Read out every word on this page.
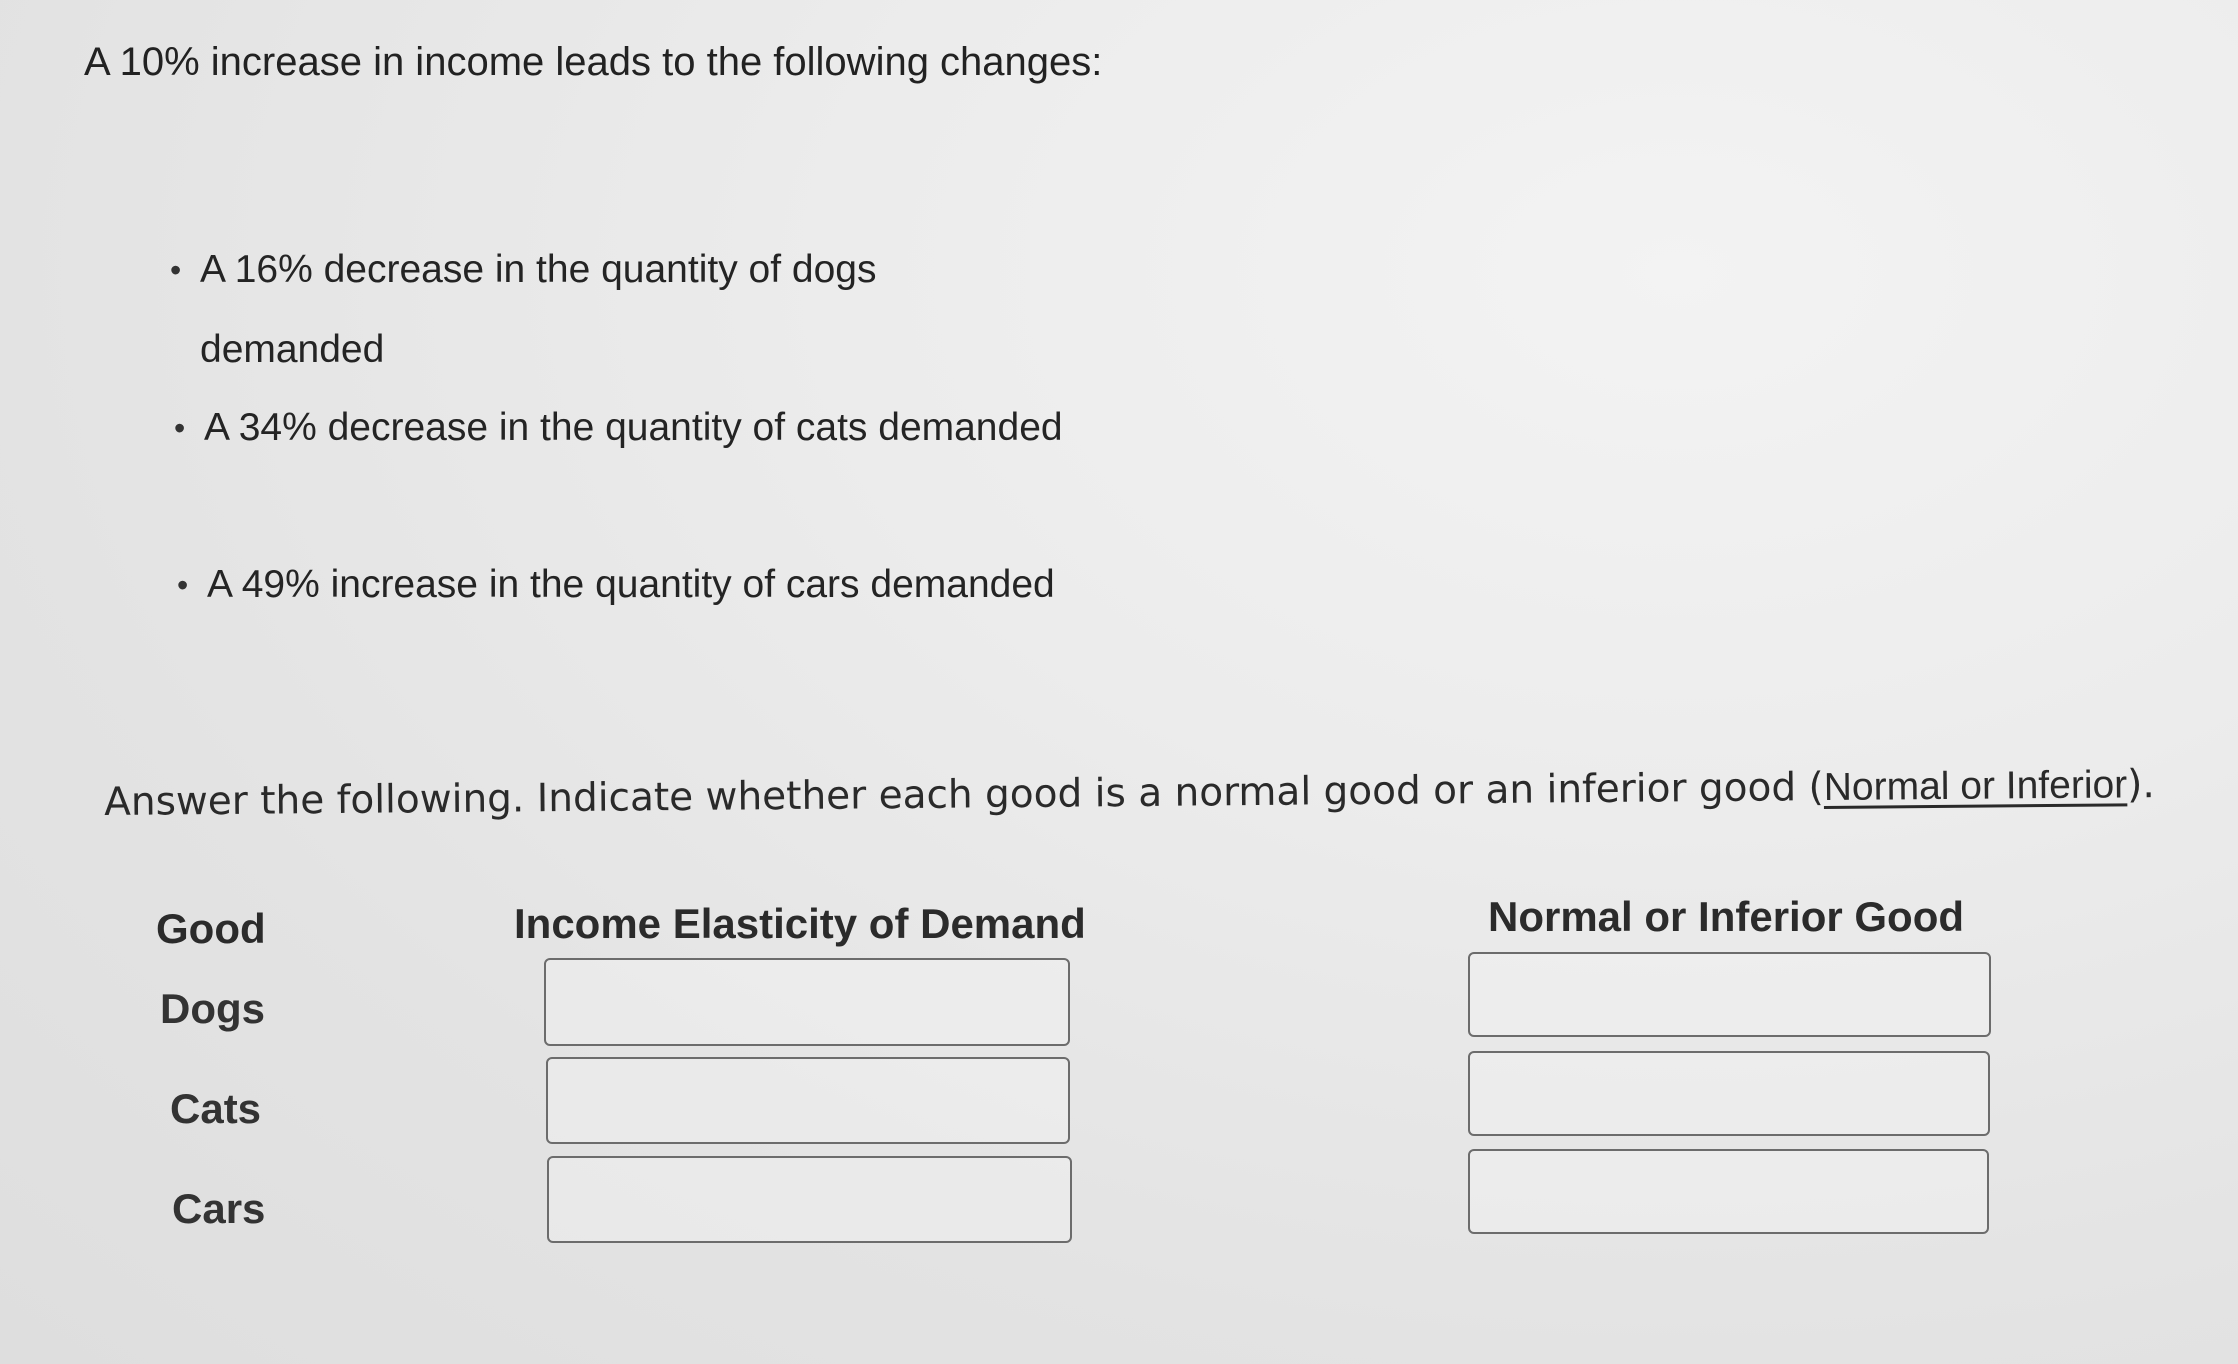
A 10% increase in income leads to the following changes:

• A 16% decrease in the quantity of dogs demanded
• A 34% decrease in the quantity of cats demanded
• A 49% increase in the quantity of cars demanded

Answer the following. Indicate whether each good is a normal good or an inferior good (Normal or Inferior).

Good	Income Elasticity of Demand	Normal or Inferior Good
Dogs
Cats
Cars
